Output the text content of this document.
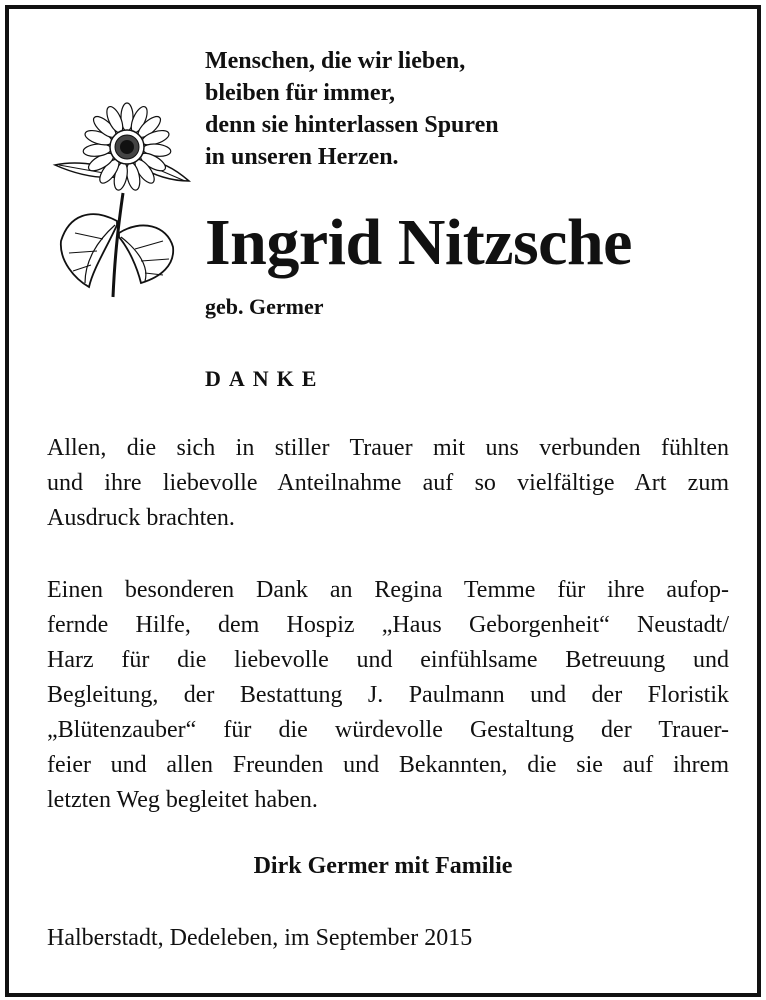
Menschen, die wir lieben,
bleiben für immer,
denn sie hinterlassen Spuren
in unseren Herzen.
Ingrid Nitzsche
geb. Germer
DANKE
Allen, die sich in stiller Trauer mit uns verbunden fühlten
und ihre liebevolle Anteilnahme auf so vielfältige Art zum
Ausdruck brachten.
Einen besonderen Dank an Regina Temme für ihre aufop-
fernde Hilfe, dem Hospiz „Haus Geborgenheit“ Neustadt/
Harz für die liebevolle und einfühlsame Betreuung und
Begleitung, der Bestattung J. Paulmann und der Floristik
„Blütenzauber“ für die würdevolle Gestaltung der Trauer-
feier und allen Freunden und Bekannten, die sie auf ihrem
letzten Weg begleitet haben.
Dirk Germer mit Familie
Halberstadt, Dedeleben, im September 2015
